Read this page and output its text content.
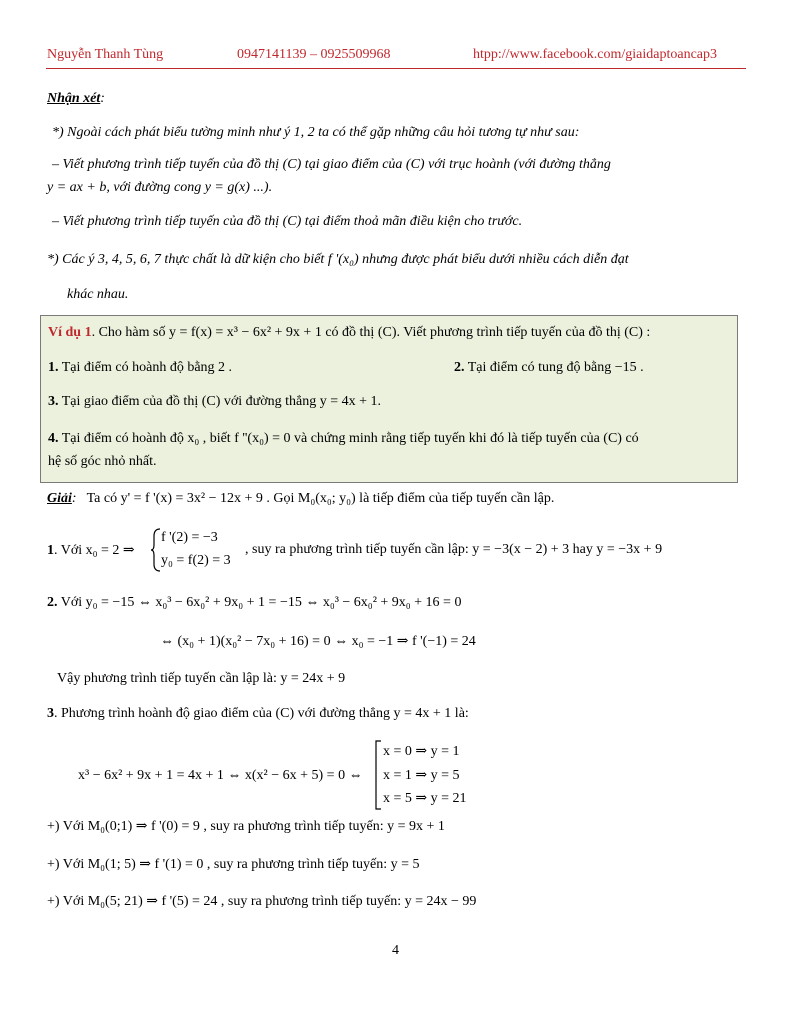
Nguyễn Thanh Tùng	0947141139 – 0925509968	htpp://www.facebook.com/giaidaptoancap3
Nhận xét:
*) Ngoài cách phát biểu tường minh như ý 1, 2 ta có thể gặp những câu hỏi tương tự như sau:
– Viết phương trình tiếp tuyến của đồ thị (C) tại giao điểm của (C) với trục hoành (với đường thẳng
y = ax + b, với đường cong y = g(x) ...).
– Viết phương trình tiếp tuyến của đồ thị (C) tại điểm thoả mãn điều kiện cho trước.
*) Các ý 3, 4, 5, 6, 7 thực chất là dữ kiện cho biết f '(x₀) nhưng được phát biểu dưới nhiều cách diễn đạt
khác nhau.
Ví dụ 1. Cho hàm số y = f(x) = x³ − 6x² + 9x + 1 có đồ thị (C). Viết phương trình tiếp tuyến của đồ thị (C) :
1. Tại điểm có hoành độ bằng 2 .	2. Tại điểm có tung độ bằng −15 .
3. Tại giao điểm của đồ thị (C) với đường thẳng y = 4x + 1.
4. Tại điểm có hoành độ x₀ , biết f ''(x₀) = 0 và chứng minh rằng tiếp tuyến khi đó là tiếp tuyến của (C) có
hệ số góc nhỏ nhất.
Giải: Ta có y' = f '(x) = 3x² − 12x + 9 . Gọi M₀(x₀; y₀) là tiếp điểm của tiếp tuyến cần lập.
1. Với x₀ = 2 ⇒
f '(2) = −3
y₀ = f(2) = 3
, suy ra phương trình tiếp tuyến cần lập: y = −3(x − 2) + 3 hay y = −3x + 9
2. Với y₀ = −15 ⇔ x₀³ − 6x₀² + 9x₀ + 1 = −15 ⇔ x₀³ − 6x₀² + 9x₀ + 16 = 0
⇔ (x₀ + 1)(x₀² − 7x₀ + 16) = 0 ⇔ x₀ = −1 ⇒ f '(−1) = 24
Vậy phương trình tiếp tuyến cần lập là: y = 24x + 9
3. Phương trình hoành độ giao điểm của (C) với đường thẳng y = 4x + 1 là:
x³ − 6x² + 9x + 1 = 4x + 1 ⇔ x(x² − 6x + 5) = 0 ⇔
x = 0 ⇒ y = 1
x = 1 ⇒ y = 5
x = 5 ⇒ y = 21
+) Với M₀(0;1) ⇒ f '(0) = 9 , suy ra phương trình tiếp tuyến: y = 9x + 1
+) Với M₀(1; 5) ⇒ f '(1) = 0 , suy ra phương trình tiếp tuyến: y = 5
+) Với M₀(5; 21) ⇒ f '(5) = 24 , suy ra phương trình tiếp tuyến: y = 24x − 99
4
